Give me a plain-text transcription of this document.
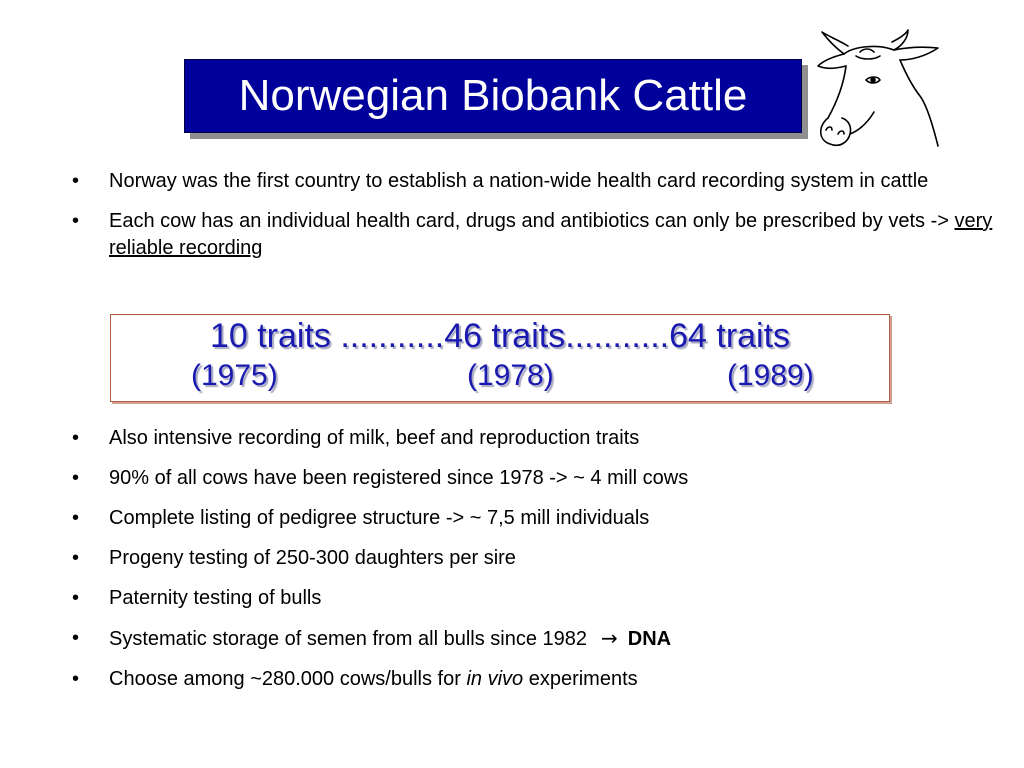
Norwegian Biobank Cattle
•	Norway was the first country to establish a nation-wide health card recording system in cattle
•	Each cow has an individual health card, drugs and antibiotics can only be prescribed by vets -> very reliable recording
10 traits ...........46 traits...........64 traits
(1975)	(1978)	(1989)
•	Also intensive recording of milk, beef and reproduction traits
•	90% of all cows have been registered since 1978 -> ~ 4 mill cows
•	Complete listing of pedigree structure -> ~ 7,5 mill individuals
•	Progeny testing of 250-300 daughters per sire
•	Paternity testing of bulls
•	Systematic storage of semen from all bulls since 1982 → DNA
•	Choose among ~280.000 cows/bulls for in vivo experiments
